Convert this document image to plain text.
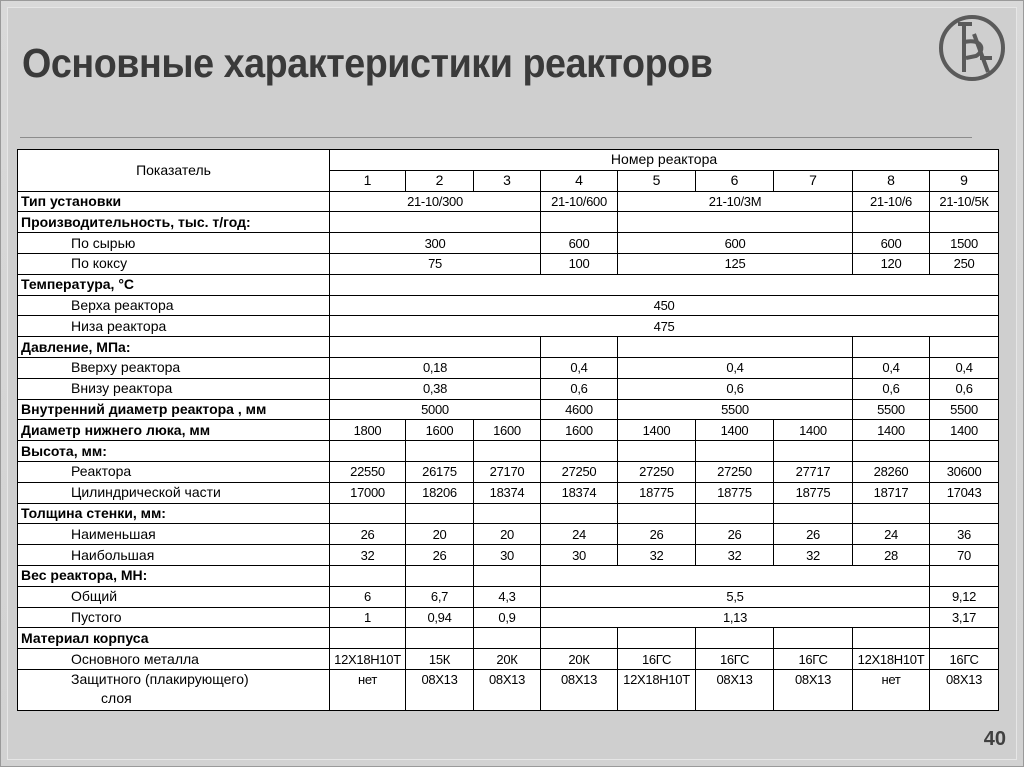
Основные характеристики реакторов
Показатель	Номер реактора								
	1	2	3	4	5	6	7	8	9
Тип установки	21-10/300			21-10/600	21-10/3М			21-10/6	21-10/5К
Производительность, тыс. т/год:									
По сырью	300			600	600			600	1500
По коксу	75			100	125			120	250
Температура, °С									
Верха реактора	450								
Низа реактора	475								
Давление, МПа:									
Вверху реактора	0,18			0,4	0,4			0,4	0,4
Внизу реактора	0,38			0,6	0,6			0,6	0,6
Внутренний диаметр реактора , мм	5000			4600	5500			5500	5500
Диаметр нижнего люка, мм	1800	1600	1600	1600	1400	1400	1400	1400	1400
Высота, мм:									
Реактора	22550	26175	27170	27250	27250	27250	27717	28260	30600
Цилиндрической части	17000	18206	18374	18374	18775	18775	18775	18717	17043
Толщина стенки, мм:									
Наименьшая	26	20	20	24	26	26	26	24	36
Наибольшая	32	26	30	30	32	32	32	28	70
Вес реактора, МН:									
Общий	6	6,7	4,3	5,5					9,12
Пустого	1	0,94	0,9	1,13					3,17
Материал корпуса									
Основного металла	12Х18Н10Т	15К	20К	20К	16ГС	16ГС	16ГС	12Х18Н10Т	16ГС

Защитного (плакирующего)
слоя	нет	08Х13	08Х13	08Х13	12Х18Н10Т	08Х13	08Х13	нет	08Х13
40
